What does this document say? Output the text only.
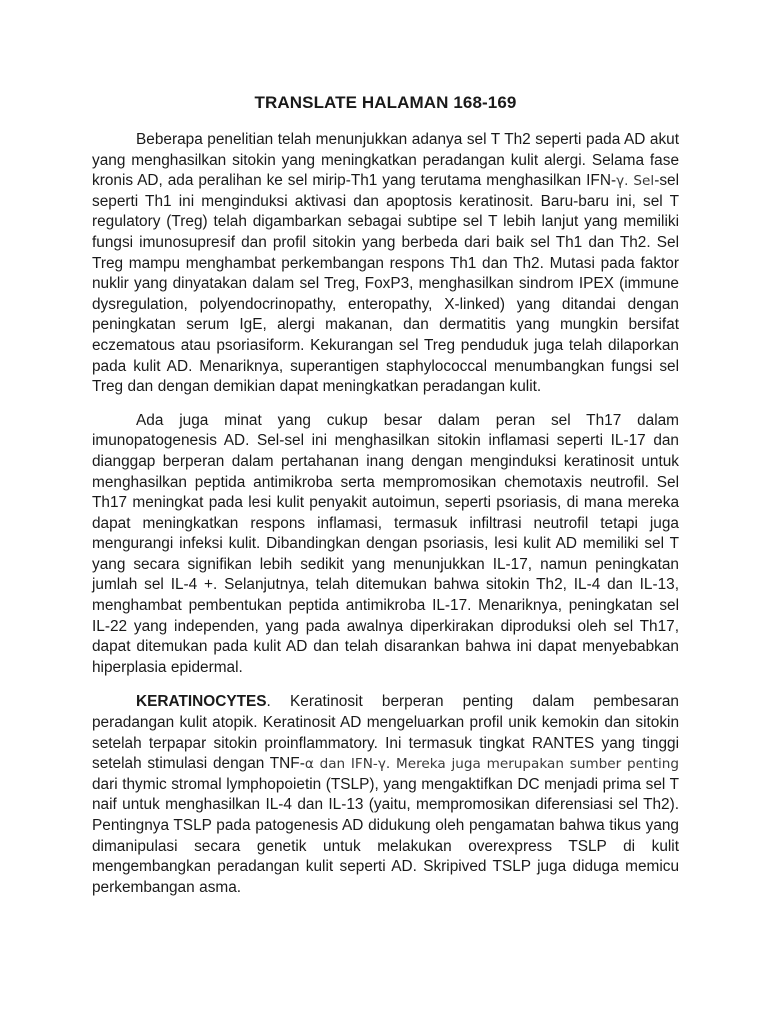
TRANSLATE HALAMAN 168-169

Beberapa penelitian telah menunjukkan adanya sel T Th2 seperti pada AD akut yang menghasilkan sitokin yang meningkatkan peradangan kulit alergi. Selama fase kronis AD, ada peralihan ke sel mirip-Th1 yang terutama menghasilkan IFN-γ. Sel-sel seperti Th1 ini menginduksi aktivasi dan apoptosis keratinosit. Baru-baru ini, sel T regulatory (Treg) telah digambarkan sebagai subtipe sel T lebih lanjut yang memiliki fungsi imunosupresif dan profil sitokin yang berbeda dari baik sel Th1 dan Th2. Sel Treg mampu menghambat perkembangan respons Th1 dan Th2. Mutasi pada faktor nuklir yang dinyatakan dalam sel Treg, FoxP3, menghasilkan sindrom IPEX (immune dysregulation, polyendocrinopathy, enteropathy, X-linked) yang ditandai dengan peningkatan serum IgE, alergi makanan, dan dermatitis yang mungkin bersifat eczematous atau psoriasiform. Kekurangan sel Treg penduduk juga telah dilaporkan pada kulit AD. Menariknya, superantigen staphylococcal menumbangkan fungsi sel Treg dan dengan demikian dapat meningkatkan peradangan kulit.

Ada juga minat yang cukup besar dalam peran sel Th17 dalam imunopatogenesis AD. Sel-sel ini menghasilkan sitokin inflamasi seperti IL-17 dan dianggap berperan dalam pertahanan inang dengan menginduksi keratinosit untuk menghasilkan peptida antimikroba serta mempromosikan chemotaxis neutrofil. Sel Th17 meningkat pada lesi kulit penyakit autoimun, seperti psoriasis, di mana mereka dapat meningkatkan respons inflamasi, termasuk infiltrasi neutrofil tetapi juga mengurangi infeksi kulit. Dibandingkan dengan psoriasis, lesi kulit AD memiliki sel T yang secara signifikan lebih sedikit yang menunjukkan IL-17, namun peningkatan jumlah sel IL-4 +. Selanjutnya, telah ditemukan bahwa sitokin Th2, IL-4 dan IL-13, menghambat pembentukan peptida antimikroba IL-17. Menariknya, peningkatan sel IL-22 yang independen, yang pada awalnya diperkirakan diproduksi oleh sel Th17, dapat ditemukan pada kulit AD dan telah disarankan bahwa ini dapat menyebabkan hiperplasia epidermal.

KERATINOCYTES. Keratinosit berperan penting dalam pembesaran peradangan kulit atopik. Keratinosit AD mengeluarkan profil unik kemokin dan sitokin setelah terpapar sitokin proinflammatory. Ini termasuk tingkat RANTES yang tinggi setelah stimulasi dengan TNF-α dan IFN-γ. Mereka juga merupakan sumber penting dari thymic stromal lymphopoietin (TSLP), yang mengaktifkan DC menjadi prima sel T naif untuk menghasilkan IL-4 dan IL-13 (yaitu, mempromosikan diferensiasi sel Th2). Pentingnya TSLP pada patogenesis AD didukung oleh pengamatan bahwa tikus yang dimanipulasi secara genetik untuk melakukan overexpress TSLP di kulit mengembangkan peradangan kulit seperti AD. Skripived TSLP juga diduga memicu perkembangan asma.
